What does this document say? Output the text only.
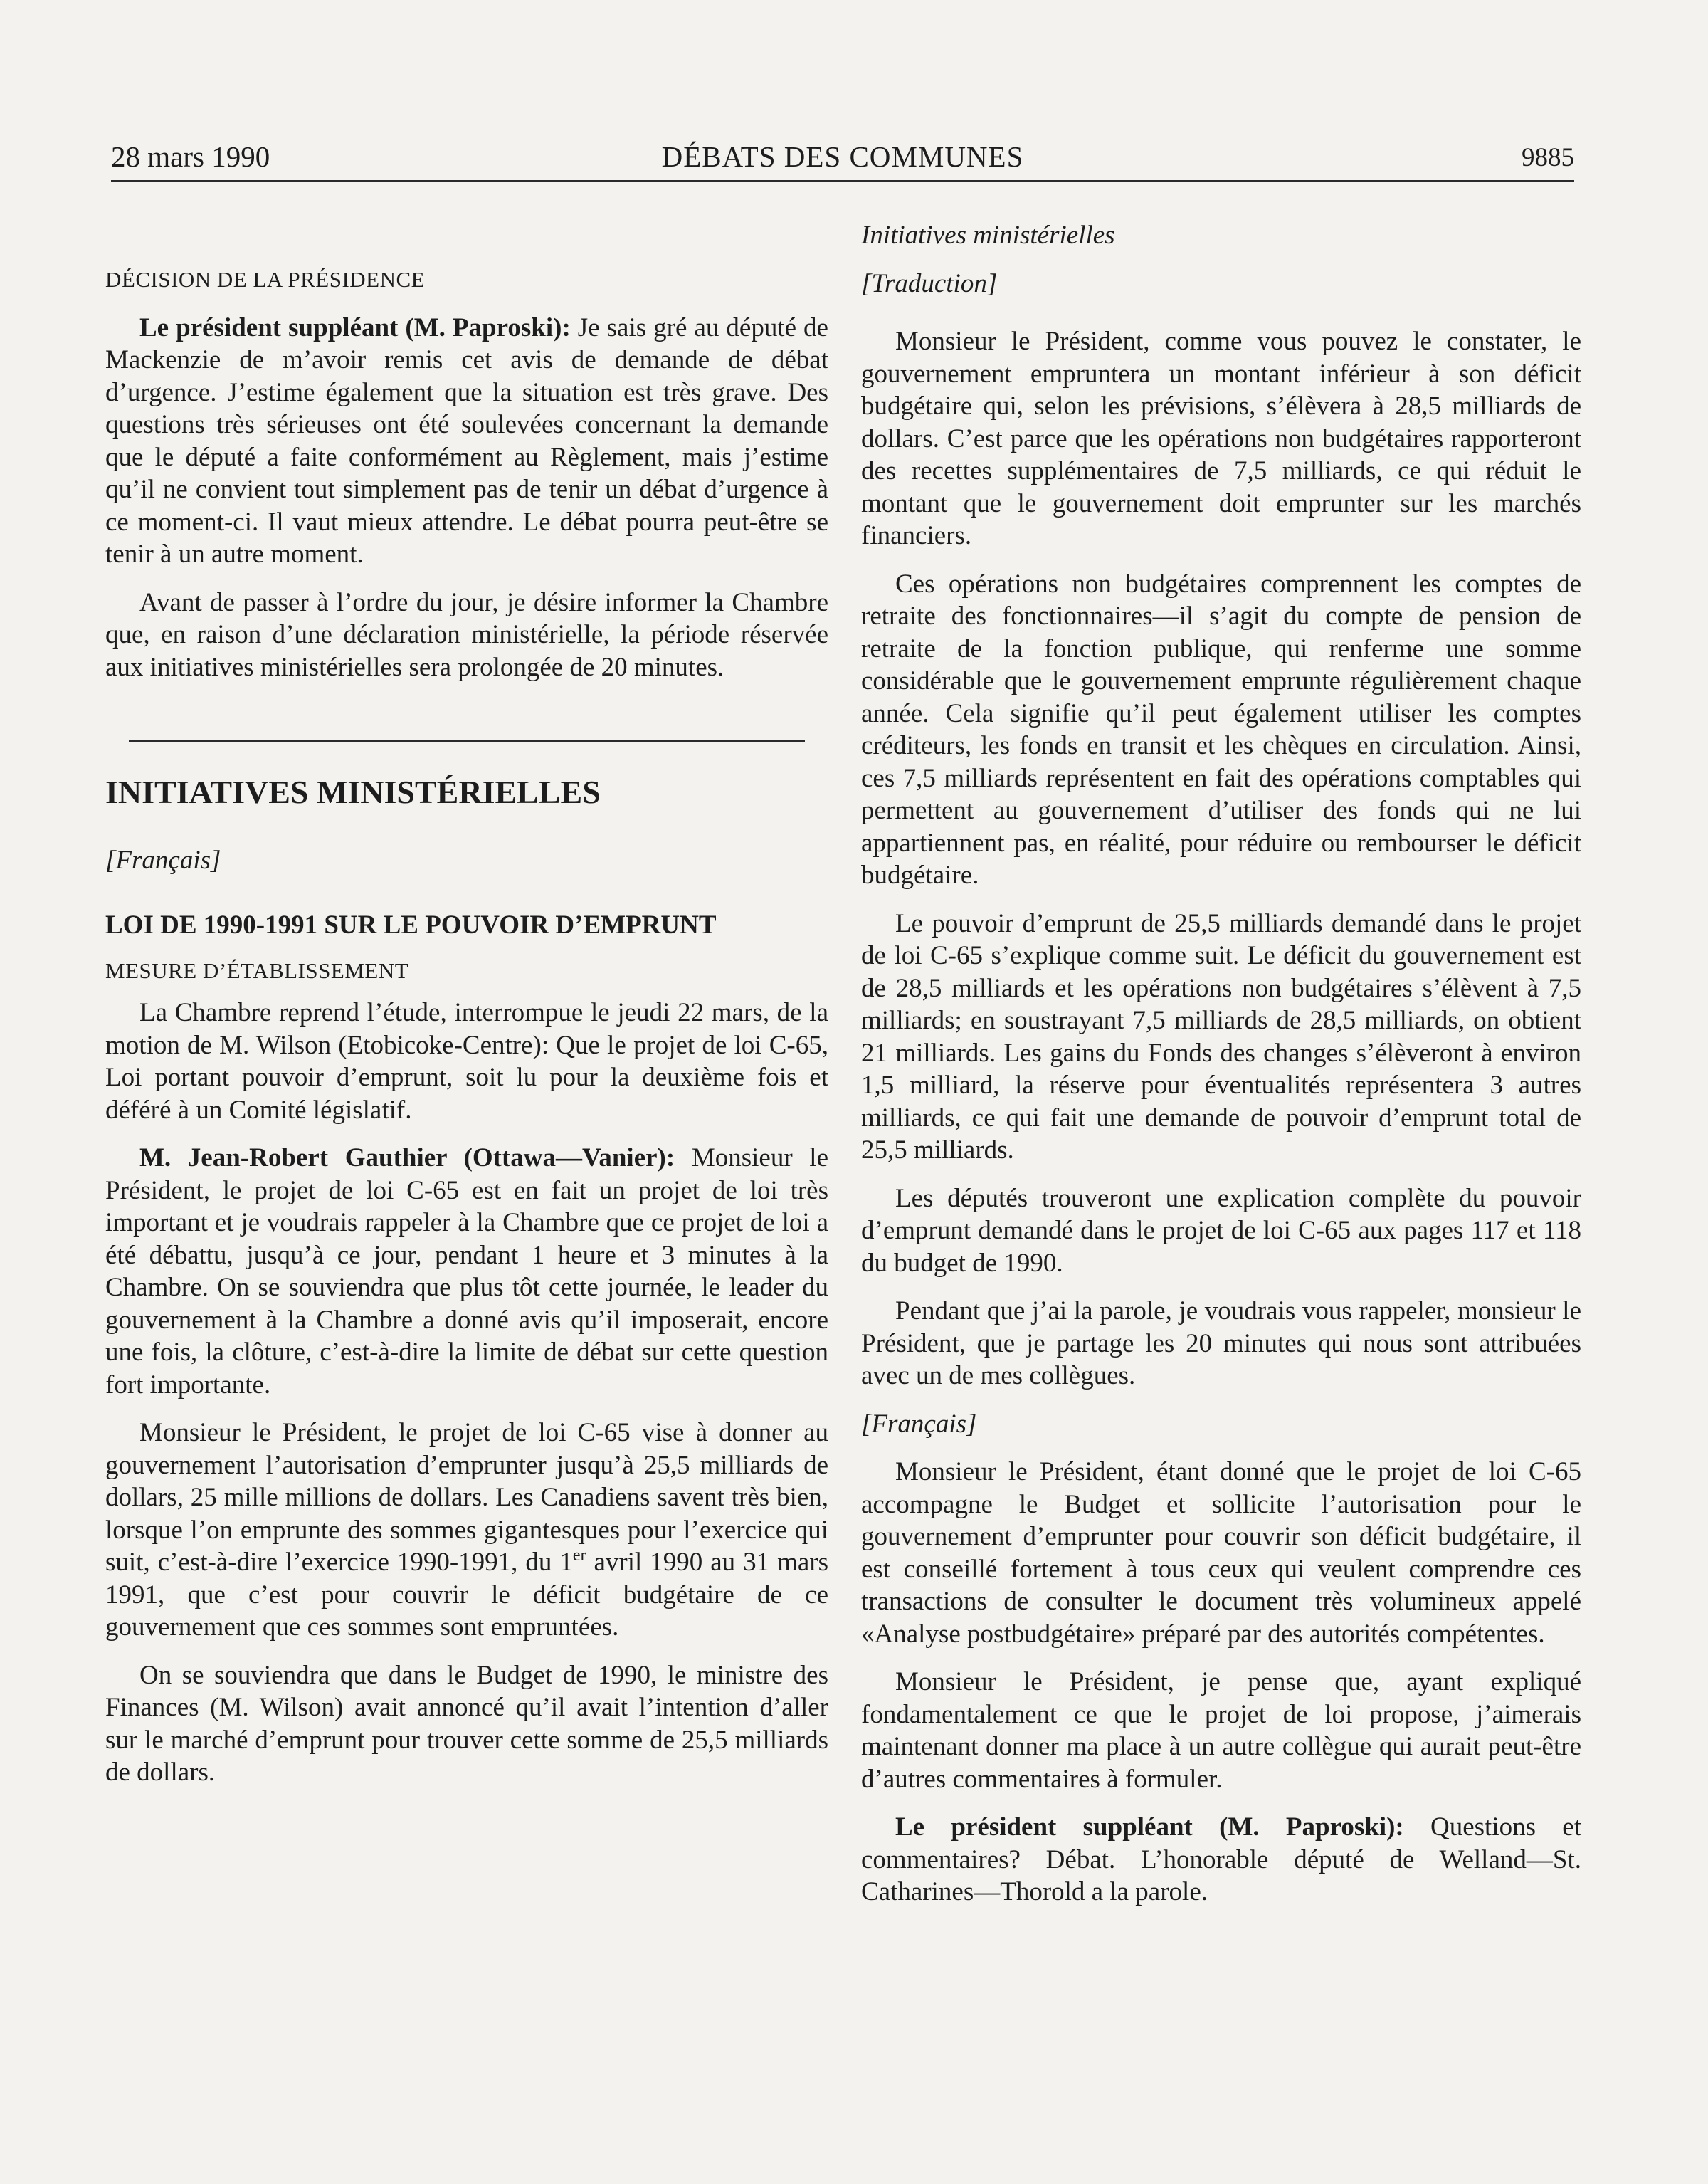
28 mars 1990	DÉBATS DES COMMUNES	9885

DÉCISION DE LA PRÉSIDENCE

Le président suppléant (M. Paproski): Je sais gré au député de Mackenzie de m’avoir remis cet avis de demande de débat d’urgence. J’estime également que la situation est très grave. Des questions très sérieuses ont été soulevées concernant la demande que le député a faite conformément au Règlement, mais j’estime qu’il ne convient tout simplement pas de tenir un débat d’urgence à ce moment-ci. Il vaut mieux attendre. Le débat pourra peut-être se tenir à un autre moment.

Avant de passer à l’ordre du jour, je désire informer la Chambre que, en raison d’une déclaration ministérielle, la période réservée aux initiatives ministérielles sera prolongée de 20 minutes.

INITIATIVES MINISTÉRIELLES

[Français]

LOI DE 1990-1991 SUR LE POUVOIR D’EMPRUNT

MESURE D’ÉTABLISSEMENT

La Chambre reprend l’étude, interrompue le jeudi 22 mars, de la motion de M. Wilson (Etobicoke-Centre): Que le projet de loi C-65, Loi portant pouvoir d’emprunt, soit lu pour la deuxième fois et déféré à un Comité législatif.

M. Jean-Robert Gauthier (Ottawa—Vanier): Monsieur le Président, le projet de loi C-65 est en fait un projet de loi très important et je voudrais rappeler à la Chambre que ce projet de loi a été débattu, jusqu’à ce jour, pendant 1 heure et 3 minutes à la Chambre. On se souviendra que plus tôt cette journée, le leader du gouvernement à la Chambre a donné avis qu’il imposerait, encore une fois, la clôture, c’est-à-dire la limite de débat sur cette question fort importante.

Monsieur le Président, le projet de loi C-65 vise à donner au gouvernement l’autorisation d’emprunter jusqu’à 25,5 milliards de dollars, 25 mille millions de dollars. Les Canadiens savent très bien, lorsque l’on emprunte des sommes gigantesques pour l’exercice qui suit, c’est-à-dire l’exercice 1990-1991, du 1er avril 1990 au 31 mars 1991, que c’est pour couvrir le déficit budgétaire de ce gouvernement que ces sommes sont empruntées.

On se souviendra que dans le Budget de 1990, le ministre des Finances (M. Wilson) avait annoncé qu’il avait l’intention d’aller sur le marché d’emprunt pour trouver cette somme de 25,5 milliards de dollars.

Initiatives ministérielles

[Traduction]

Monsieur le Président, comme vous pouvez le constater, le gouvernement empruntera un montant inférieur à son déficit budgétaire qui, selon les prévisions, s’élèvera à 28,5 milliards de dollars. C’est parce que les opérations non budgétaires rapporteront des recettes supplémentaires de 7,5 milliards, ce qui réduit le montant que le gouvernement doit emprunter sur les marchés financiers.

Ces opérations non budgétaires comprennent les comptes de retraite des fonctionnaires—il s’agit du compte de pension de retraite de la fonction publique, qui renferme une somme considérable que le gouvernement emprunte régulièrement chaque année. Cela signifie qu’il peut également utiliser les comptes créditeurs, les fonds en transit et les chèques en circulation. Ainsi, ces 7,5 milliards représentent en fait des opérations comptables qui permettent au gouvernement d’utiliser des fonds qui ne lui appartiennent pas, en réalité, pour réduire ou rembourser le déficit budgétaire.

Le pouvoir d’emprunt de 25,5 milliards demandé dans le projet de loi C-65 s’explique comme suit. Le déficit du gouvernement est de 28,5 milliards et les opérations non budgétaires s’élèvent à 7,5 milliards; en soustrayant 7,5 milliards de 28,5 milliards, on obtient 21 milliards. Les gains du Fonds des changes s’élèveront à environ 1,5 milliard, la réserve pour éventualités représentera 3 autres milliards, ce qui fait une demande de pouvoir d’emprunt total de 25,5 milliards.

Les députés trouveront une explication complète du pouvoir d’emprunt demandé dans le projet de loi C-65 aux pages 117 et 118 du budget de 1990.

Pendant que j’ai la parole, je voudrais vous rappeler, monsieur le Président, que je partage les 20 minutes qui nous sont attribuées avec un de mes collègues.

[Français]

Monsieur le Président, étant donné que le projet de loi C-65 accompagne le Budget et sollicite l’autorisation pour le gouvernement d’emprunter pour couvrir son déficit budgétaire, il est conseillé fortement à tous ceux qui veulent comprendre ces transactions de consulter le document très volumineux appelé «Analyse postbudgétaire» préparé par des autorités compétentes.

Monsieur le Président, je pense que, ayant expliqué fondamentalement ce que le projet de loi propose, j’aimerais maintenant donner ma place à un autre collègue qui aurait peut-être d’autres commentaires à formuler.

Le président suppléant (M. Paproski): Questions et commentaires? Débat. L’honorable député de Welland—St. Catharines—Thorold a la parole.
